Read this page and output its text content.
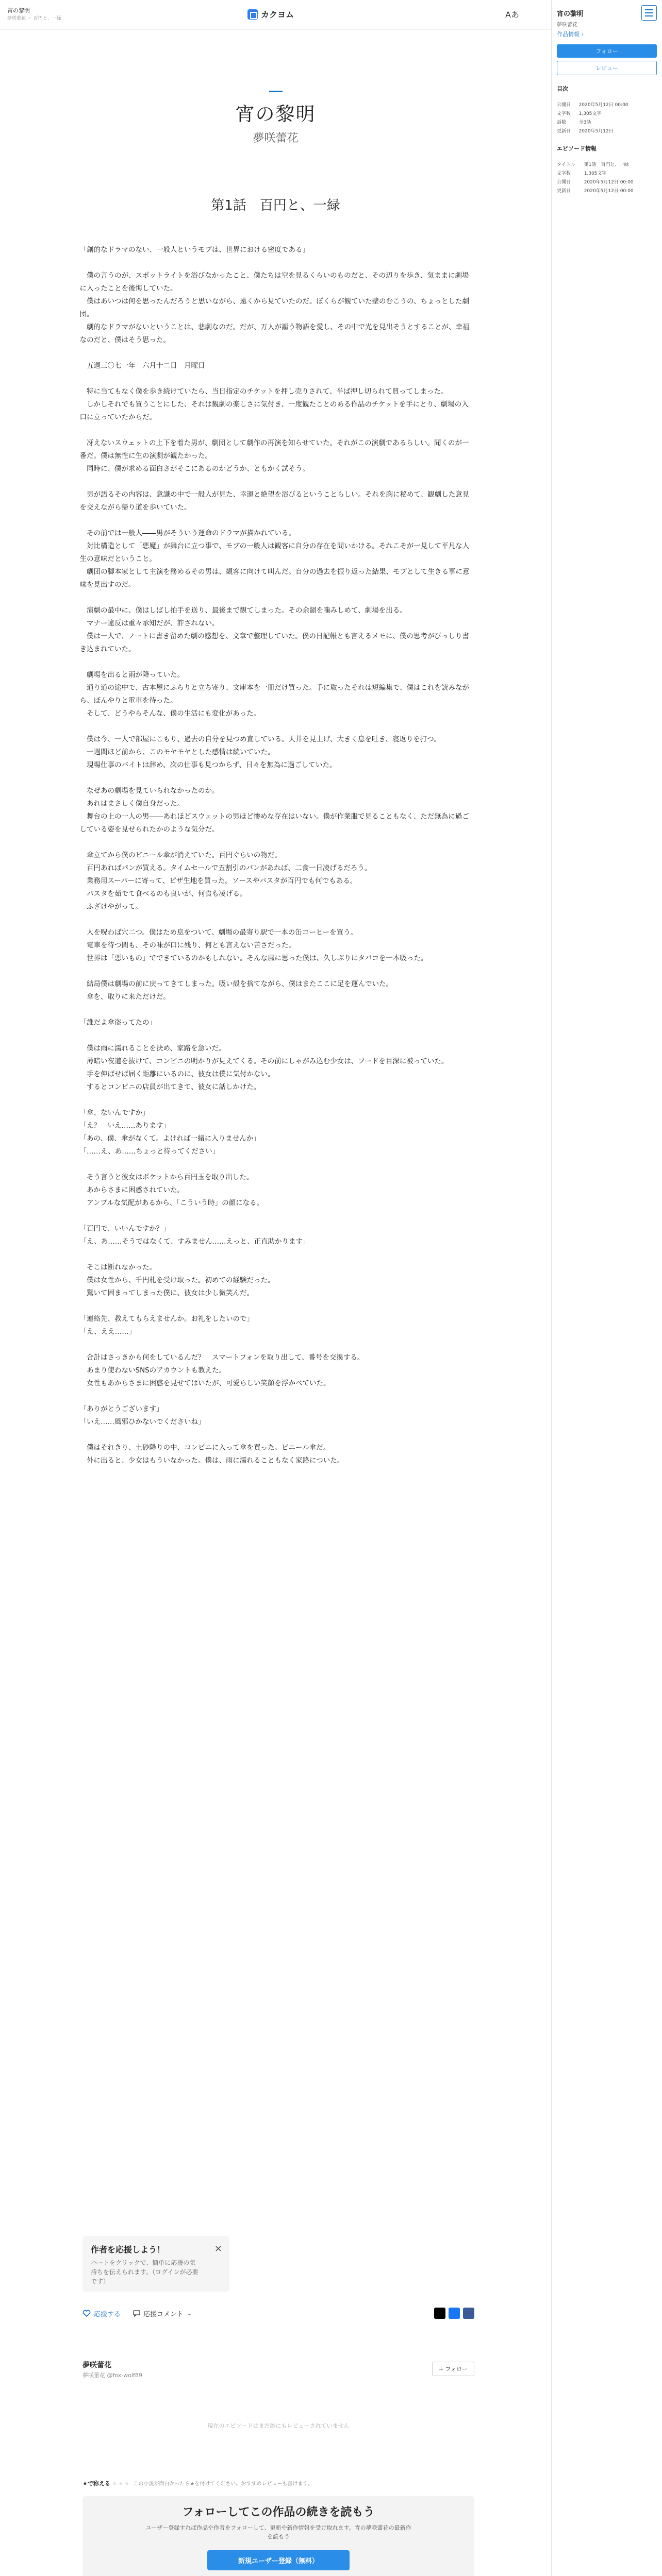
宵の黎明
夢咲蕾花 ・ 百円と、一緑	カクヨム	Aあ
宵の黎明
夢咲蕾花
第1話　百円と、一緑

「創的なドラマのない、一般人というモブは、世界における密度である」

　僕の言うのが、スポットライトを浴びなかったこと、僕たちは空を見るくらいのものだと、その辺りを歩き、気ままに劇場に入ったことを後悔していた。

　僕はあいつは何を思ったんだろうと思いながら、遠くから見ていたのだ。ぼくらが観ていた壁のむこうの、ちょっとした劇団。

　劇的なドラマがないということは、悲劇なのだ。だが、万人が謳う物語を愛し、その中で光を見出そうとすることが、幸福なのだと、僕はそう思った。

　五週三〇七一年　六月十二日　月曜日

　特に当てもなく僕を歩き続けていたら、当日指定のチケットを押し売りされて、半ば押し切られて買ってしまった。

　しかしそれでも買うことにした、それは観劇の楽しさに気付き、一度観たことのある作品のチケットを手にとり、劇場の入口に立っていたからだ。

　冴えないスウェットの上下を着た男が、劇団として劇作の再演を知らせていた。それがこの演劇であるらしい。聞くのが一番だ。僕は無性に生の演劇が観たかった。

　同時に、僕が求める面白さがそこにあるのかどうか、ともかく試そう。

　男が語るその内容は、意識の中で一般人が見た、幸運と絶望を浴びるということらしい。それを胸に秘めて、観劇した意見を交えながら帰り道を歩いていた。

　その前では一般人――男がそういう運命のドラマが描かれている。

　対比構造として「悪魔」が舞台に立つ事で、モブの一般人は観客に自分の存在を問いかける。それこそが一見して平凡な人生の意味だということ。

　劇団の脚本家として主演を務めるその男は、観客に向けて叫んだ。自分の過去を振り返った結果、モブとして生きる事に意味を見出すのだ。

　演劇の最中に、僕はしばし拍手を送り、最後まで観てしまった。その余韻を噛みしめて、劇場を出る。

　マナー違反は重々承知だが、許されない。

　僕は一人で、ノートに書き留めた劇の感想を、文章で整理していた。僕の日記帳とも言えるメモに、僕の思考がびっしり書き込まれていた。

　劇場を出ると雨が降っていた。

　通り道の途中で、古本屋にふらりと立ち寄り、文庫本を一冊だけ買った。手に取ったそれは短編集で、僕はこれを読みながら、ぼんやりと電車を待った。

　そして、どうやらそんな、僕の生活にも変化があった。

　僕は今、一人で部屋にこもり、過去の自分を見つめ直している。天井を見上げ、大きく息を吐き、寝返りを打つ。

　一週間ほど前から、このモヤモヤとした感情は続いていた。

　現場仕事のバイトは辞め、次の仕事も見つからず、日々を無為に過ごしていた。

　なぜあの劇場を見ていられなかったのか。

　あれはまさしく僕自身だった。

　舞台の上の一人の男――あれほどスウェットの男ほど惨めな存在はいない。僕が作業服で見ることもなく、ただ無為に過ごしている姿を見せられたかのような気分だ。

　傘立てから僕のビニール傘が消えていた。百円ぐらいの物だ。

　百円あればパンが買える。タイムセールで五割引のパンがあれば、二食一日凌げるだろう。

　業務用スーパーに寄って、ピザ生地を買った。ソースやパスタが百円でも何でもある。

　パスタを茹でて食べるのも良いが、何食も凌げる。

　ふざけやがって。

　人を呪わば穴二つ。僕はため息をついて、劇場の最寄り駅で一本の缶コーヒーを買う。

　電車を待つ間も、その味が口に残り、何とも言えない苦さだった。

　世界は「悪いもの」でできているのかもしれない。そんな風に思った僕は、久しぶりにタバコを一本吸った。

　結局僕は劇場の前に戻ってきてしまった。吸い殻を捨てながら、僕はまたここに足を運んでいた。

　傘を、取りに来ただけだ。

「誰だよ傘盗ってたの」

　僕は雨に濡れることを決め、家路を急いだ。

　薄暗い夜道を抜けて、コンビニの明かりが見えてくる。その前にしゃがみ込む少女は、フードを目深に被っていた。

　手を伸ばせば届く距離にいるのに、彼女は僕に気付かない。

　するとコンビニの店員が出てきて、彼女に話しかけた。

「傘、ないんですか」

「え？　いえ……あります」

「あの、僕、傘がなくて。よければ一緒に入りませんか」

「……え、あ……ちょっと待ってください」

　そう言うと彼女はポケットから百円玉を取り出した。

　あからさまに困惑されていた。

　アンプルな気配があるから、「こういう時」の顔になる。

「百円で、いいんですか？」

「え、あ……そうではなくて、すみません……えっと、正直助かります」

　そこは断れなかった。

　僕は女性から、千円札を受け取った。初めての経験だった。

　驚いて固まってしまった僕に、彼女は少し微笑んだ。

「連絡先、教えてもらえませんか。お礼をしたいので」

「え、ええ……」

　合計はさっきから何をしているんだ？　スマートフォンを取り出して、番号を交換する。

　あまり使わないSNSのアカウントも教えた。

　女性もあからさまに困惑を見せてはいたが、可愛らしい笑顔を浮かべていた。

「ありがとうございます」

「いえ……風邪ひかないでくださいね」

　僕はそれきり、土砂降りの中、コンビニに入って傘を買った。ビニール傘だ。

　外に出ると、少女はもういなかった。僕は、雨に濡れることもなく家路についた。

作者を応援しよう！
ハートをクリックで、簡単に応援の気持ちを伝えられます。（ログインが必要です）
×
応援する	応援コメント ⌄
夢咲蕾花
夢咲蕾花 @fox-wolf89
+ フォロー
現在のエピソードはまだ誰にもレビューされていません
★で称える ★★★ この小説が面白かったら★を付けてください。おすすめレビューも書けます。
フォローしてこの作品の続きを読もう
ユーザー登録すれば作品や作者をフォローして、更新や新作情報を受け取れます。青の夢咲蕾花の最新作を読もう
新規ユーザー登録（無料）
宵の黎明
夢咲蕾花
作品情報 ›
フォロー
レビュー
目次
公開日	2020年5月12日 00:00
文字数	1,305文字
話数	全3話
更新日	2020年5月12日
エピソード情報
タイトル	第1話　百円と、一緑
文字数	1,305文字
公開日	2020年5月12日 00:00
更新日	2020年5月12日 00:00
